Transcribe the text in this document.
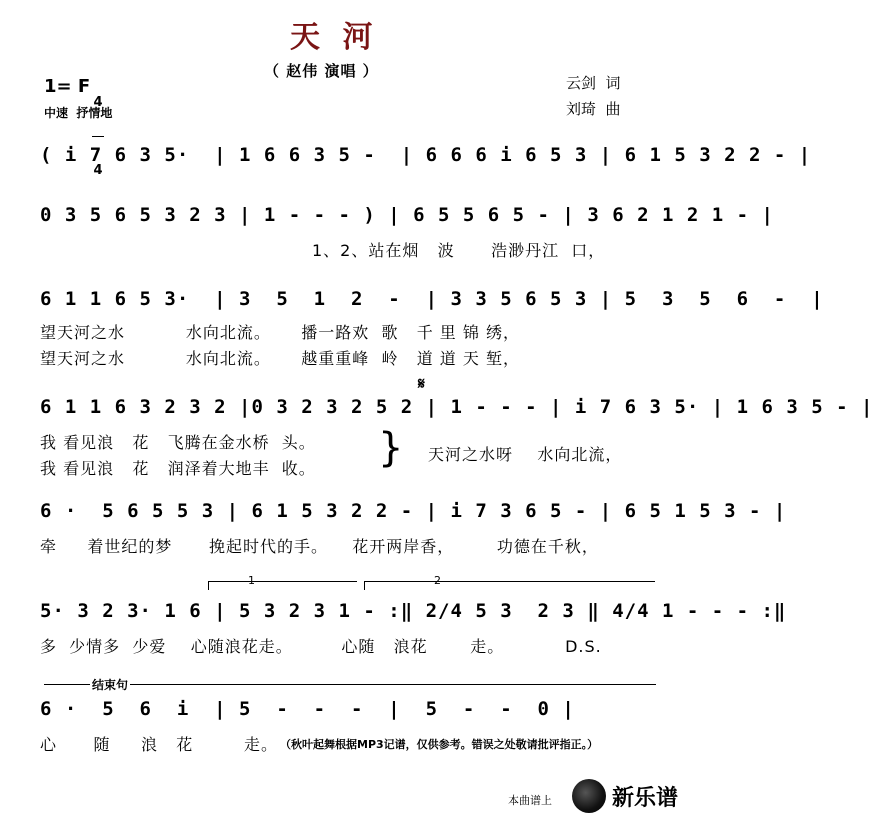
天 河
（ 赵伟 演唱 ）
1= F

4

4

中速  抒情地
云剑  词
刘琦  曲
( i 7 6 3 5·  | 1 6 6 3 5 -  | 6 6 6 i 6 5 3 | 6 1 5 3 2 2 - |
0 3 5 6 5 3 2 3 | 1 - - - ) | 6 5 5 6 5 - | 3 6 2 1 2 1 - |
1、2、站在烟   波      浩渺丹江  口，
6 1 1 6 5 3·  | 3  5  1  2  -  | 3 3 5 6 5 3 | 5  3  5  6  -  |
望天河之水          水向北流。     播一路欢  歌   千 里 锦 绣，
望天河之水          水向北流。     越重重峰  岭   道 道 天 堑，
𝄋
6 1 1 6 3 2 3 2 |0 3 2 3 2 5 2 | 1 - - - | i 7 6 3 5· | 1 6 3 5 - |
我 看见浪   花   飞腾在金水桥  头。
我 看见浪   花   润泽着大地丰  收。 } 天河之水呀    水向北流，
6 ·  5 6 5 5 3 | 6 1 5 3 2 2 - | i 7 3 6 5 - | 6 5 1 5 3 - |
牵     着世纪的梦      挽起时代的手。    花开两岸香，       功德在千秋，
1	2
5· 3 2 3· 1 6 | 5 3 2 3 1 - :‖ 2/4 5 3  2 3 ‖ 4/4 1 - - - :‖
多  少情多  少爱    心随浪花走。        心随   浪花       走。          D.S.
结束句
6 ·  5  6  i  | 5  -  -  -  |  5  -  -  0 |
心      随     浪   花	走。 （秋叶起舞根据MP3记谱，仅供参考。错误之处敬请批评指正。）
本曲谱上	新乐谱
